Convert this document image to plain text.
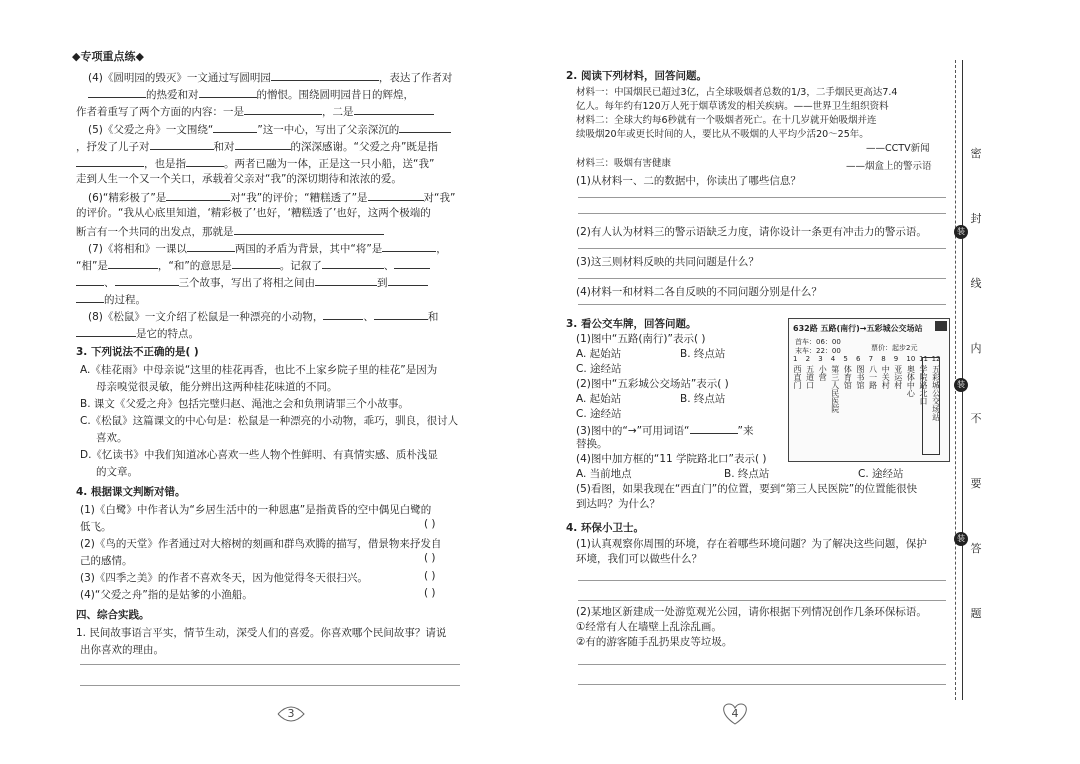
◆专项重点练◆
(4)《圆明园的毁灭》一文通过写圆明园	，表达了作者对
的热爱和对	的憎恨。围绕圆明园昔日的辉煌，
作者着重写了两个方面的内容：一是	，二是
(5)《父爱之舟》一文围绕“	”这一中心，写出了父亲深沉的
，抒发了儿子对	和对	的深深感谢。“父爱之舟”既是指
，也是指	。两者已融为一体，正是这一只小船，送“我”
走到人生一个又一个关口，承载着父亲对“我”的深切期待和浓浓的爱。
(6)“精彩极了”是	对“我”的评价；“糟糕透了”是	对“我”
的评价。“我从心底里知道，‘精彩极了’也好，‘糟糕透了’也好，这两个极端的
断言有一个共同的出发点，那就是
(7)《将相和》一课以	两国的矛盾为背景，其中“将”是	，
“相”是	，“和”的意思是	。记叙了	、
、	三个故事，写出了将相之间由	到
的过程。
(8)《松鼠》一文介绍了松鼠是一种漂亮的小动物，	、	和
是它的特点。
3. 下列说法不正确的是( )
A.《桂花雨》中母亲说“这里的桂花再香，也比不上家乡院子里的桂花”是因为
母亲嗅觉很灵敏，能分辨出这两种桂花味道的不同。
B. 课文《父爱之舟》包括完璧归赵、渑池之会和负荆请罪三个小故事。
C.《松鼠》这篇课文的中心句是：松鼠是一种漂亮的小动物，乖巧，驯良，很讨人
喜欢。
D.《忆读书》中我们知道冰心喜欢一些人物个性鲜明、有真情实感、质朴浅显
的文章。
4. 根据课文判断对错。
(1)《白鹭》中作者认为“乡居生活中的一种恩惠”是指黄昏的空中偶见白鹭的
低飞。	( )
(2)《鸟的天堂》作者通过对大榕树的刻画和群鸟欢腾的描写，借景物来抒发自
己的感情。	( )
(3)《四季之美》的作者不喜欢冬天，因为他觉得冬天很扫兴。	( )
(4)“父爱之舟”指的是姑爹的小渔船。	( )
四、综合实践。
1. 民间故事语言平实，情节生动，深受人们的喜爱。你喜欢哪个民间故事？请说
出你喜欢的理由。
3
2. 阅读下列材料，回答问题。
材料一：中国烟民已超过3亿，占全球吸烟者总数的1/3，二手烟民更高达7.4
亿人。每年约有120万人死于烟草诱发的相关疾病。——世界卫生组织资料
材料二：全球大约每6秒就有一个吸烟者死亡。在十几岁就开始吸烟并连
续吸烟20年或更长时间的人，要比从不吸烟的人平均少活20～25年。
——CCTV新闻
材料三：吸烟有害健康	——烟盒上的警示语
(1)从材料一、二的数据中，你读出了哪些信息？
(2)有人认为材料三的警示语缺乏力度，请你设计一条更有冲击力的警示语。
(3)这三则材料反映的共同问题是什么？
(4)材料一和材料二各自反映的不同问题分别是什么？
3. 看公交车牌，回答问题。
(1)图中“五路(南行)”表示( )
A. 起始站	B. 终点站
C. 途经站
(2)图中“五彩城公交场站”表示( )
A. 起始站	B. 终点站
C. 途经站
(3)图中的“→”可用词语“	”来
替换。
(4)图中加方框的“11 学院路北口”表示( )
A. 当前地点	B. 终点站	C. 途经站
(5)看图，如果我现在“西直门”的位置，要到“第三人民医院”的位置能很快
到达吗？为什么？
632路 五路(南行)→五彩城公交场站
首车：06：00
末车：22：00	票价：起步2元
1
西直门
2
五道口
3
小营
4
第三人民医院
5
体育馆
6
图书馆
7
八一路
8
中关村
9
亚运村
10
奥体中心
11
学院路北口
12
五彩城公交场站
4. 环保小卫士。
(1)认真观察你周围的环境，存在着哪些环境问题？为了解决这些问题，保护
环境，我们可以做些什么？
(2)某地区新建成一处游览观光公园，请你根据下列情况创作几条环保标语。
①经常有人在墙壁上乱涂乱画。
②有的游客随手乱扔果皮等垃圾。
4
密
封
线
内
不
要
答
题
装
装
装
